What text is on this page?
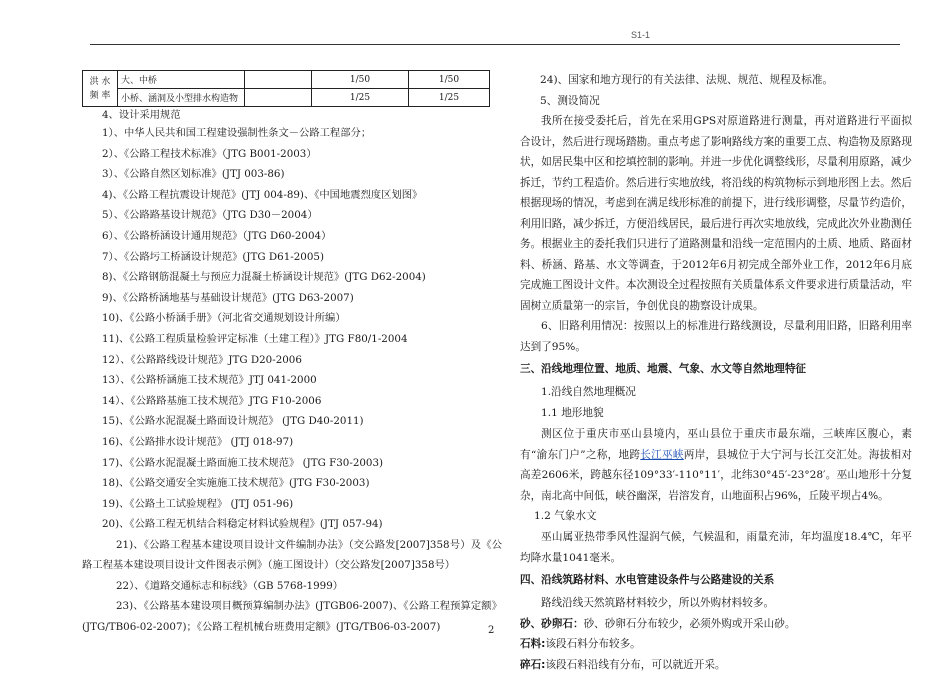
S1-1
洪 水
频 率	大、中桥		1/50	1/50
	小桥、涵洞及小型排水构造物		1/25	1/25
4、设计采用规范
1）、中华人民共和国工程建设强制性条文－公路工程部分；
2）、《公路工程技术标准》（JTG B001-2003）
3）、《公路自然区划标准》(JTJ 003-86)
4)、《公路工程抗震设计规范》(JTJ 004-89)、《中国地震烈度区划图》
5）、《公路路基设计规范》（JTG D30－2004）
6）、《公路桥涵设计通用规范》（JTG D60-2004）
7）、《公路圬工桥涵设计规范》(JTG D61-2005)
8)、《公路钢筋混凝土与预应力混凝土桥涵设计规范》(JTG D62-2004)
9)、《公路桥涵地基与基础设计规范》(JTG D63-2007)
10)、《公路小桥涵手册》（河北省交通规划设计所编）
11)、《公路工程质量检验评定标准（土建工程）》JTG F80/1-2004
12）、《公路路线设计规范》JTG D20-2006
13）、《公路桥涵施工技术规范》JTJ 041-2000
14）、《公路路基施工技术规范》JTG F10-2006
15)、《公路水泥混凝土路面设计规范》 (JTG D40-2011)
16)、《公路排水设计规范》 (JTJ 018-97)
17)、《公路水泥混凝土路面施工技术规范》 (JTG F30-2003)
18)、《公路交通安全实施施工技术规范》(JTG F30-2003)
19)、《公路土工试验规程》 (JTJ 051-96)
20)、《公路工程无机结合料稳定材料试验规程》(JTJ 057-94)
21)、《公路工程基本建设项目设计文件编制办法》（交公路发[2007]358号）及《公路工程基本建设项目设计文件图表示例》（施工图设计）（交公路发[2007]358号）
22）、《道路交通标志和标线》（GB 5768-1999）
23)、《公路基本建设项目概预算编制办法》(JTGB06-2007)、《公路工程预算定额》(JTG/TB06-02-2007)；《公路工程机械台班费用定额》(JTG/TB06-03-2007)
24)、国家和地方现行的有关法律、法规、规范、规程及标准。
5、测设简况

我所在接受委托后，首先在采用GPS对原道路进行测量，再对道路进行平面拟合设计，然后进行现场踏勘。重点考虑了影响路线方案的重要工点、构造物及原路现状，如居民集中区和挖填控制的影响。并进一步优化调整线形，尽量利用原路，减少拆迁，节约工程造价。然后进行实地放线，将沿线的构筑物标示到地形图上去。然后根据现场的情况，考虑到在满足线形标准的前提下，进行线形调整，尽量节约造价，利用旧路，减少拆迁，方便沿线居民，最后进行再次实地放线，完成此次外业勘测任务。根据业主的委托我们只进行了道路测量和沿线一定范围内的土质、地质、路面材料、桥涵、路基、水文等调查，于2012年6月初完成全部外业工作，2012年6月底完成施工图设计文件。本次测设全过程按照有关质量体系文件要求进行质量活动，牢固树立质量第一的宗旨，争创优良的勘察设计成果。

6、旧路利用情况：按照以上的标准进行路线测设，尽量利用旧路，旧路利用率达到了95%。

三、沿线地理位置、地质、地震、气象、水文等自然地理特征
1.沿线自然地理概况
1.1 地形地貌

测区位于重庆市巫山县境内，巫山县位于重庆市最东端，三峡库区腹心，素有“渝东门户”之称，地跨长江巫峡两岸，县城位于大宁河与长江交汇处。海拔相对高差2606米，跨越东径109°33′-110°11′，北纬30°45′-23°28′。巫山地形十分复杂，南北高中间低，峡谷幽深，岩溶发育，山地面积占96%，丘陵平坝占4%。

1.2 气象水文

巫山属亚热带季风性湿润气候，气候温和，雨量充沛，年均温度18.4℃，年平均降水量1041毫米。

四、沿线筑路材料、水电管建设条件与公路建设的关系

路线沿线天然筑路材料较少，所以外购材料较多。

砂、砂卵石：砂、砂卵石分布较少，必须外购或开采山砂。

石料:该段石料分布较多。

碎石:该段石料沿线有分布，可以就近开采。

2
